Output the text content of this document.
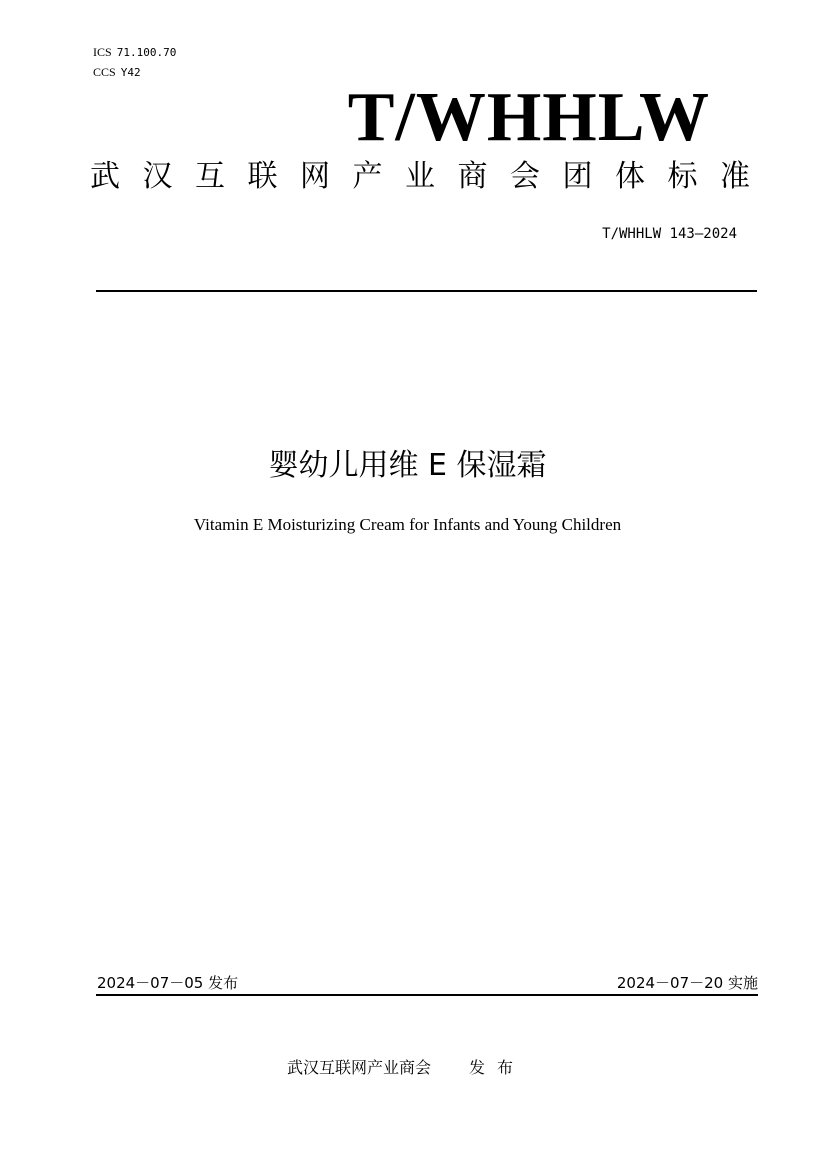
ICS 71.100.70
CCS Y42
T/WHHLW
武 汉 互 联 网 产 业 商 会 团 体 标 准
T/WHHLW 143—2024
婴幼儿用维 E 保湿霜
Vitamin E Moisturizing Cream for Infants and Young Children
2024－07－05 发布	2024－07－20 实施
武汉互联网产业商会 发布
